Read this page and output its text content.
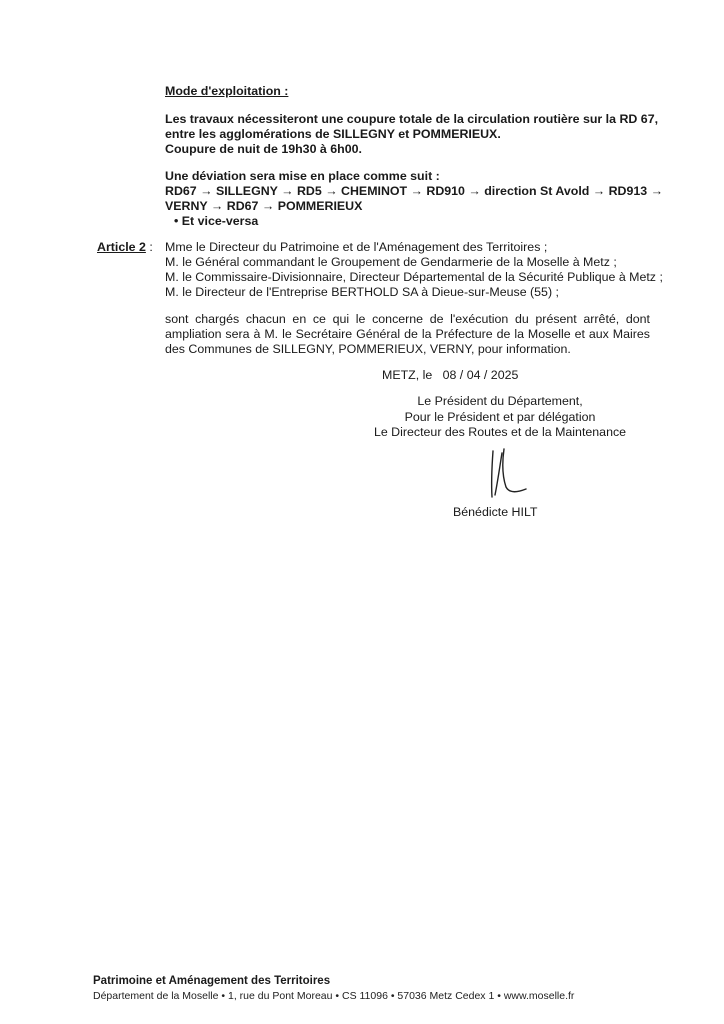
Mode d'exploitation :

Les travaux nécessiteront une coupure totale de la circulation routière sur la RD 67,

entre les agglomérations de SILLEGNY et POMMERIEUX.

Coupure de nuit de 19h30 à 6h00.

Une déviation sera mise en place comme suit :

RD67 → SILLEGNY → RD5 → CHEMINOT → RD910 → direction St Avold → RD913 →

VERNY → RD67 → POMMERIEUX

• Et vice-versa

Article 2 : Mme le Directeur du Patrimoine et de l'Aménagement des Territoires ;

M. le Général commandant le Groupement de Gendarmerie de la Moselle à Metz ;

M. le Commissaire-Divisionnaire, Directeur Départemental de la Sécurité Publique à Metz ;

M. le Directeur de l'Entreprise BERTHOLD SA à Dieue-sur-Meuse (55) ;

sont chargés chacun en ce qui le concerne de l'exécution du présent arrêté, dont

ampliation sera à M. le Secrétaire Général de la Préfecture de la Moselle et aux Maires

des Communes de SILLEGNY, POMMERIEUX, VERNY, pour information.

METZ, le   08 / 04 / 2025

Le Président du Département,
Pour le Président et par délégation
Le Directeur des Routes et de la Maintenance

Bénédicte HILT

Patrimoine et Aménagement des Territoires

Département de la Moselle • 1, rue du Pont Moreau • CS 11096 • 57036 Metz Cedex 1 • www.moselle.fr
